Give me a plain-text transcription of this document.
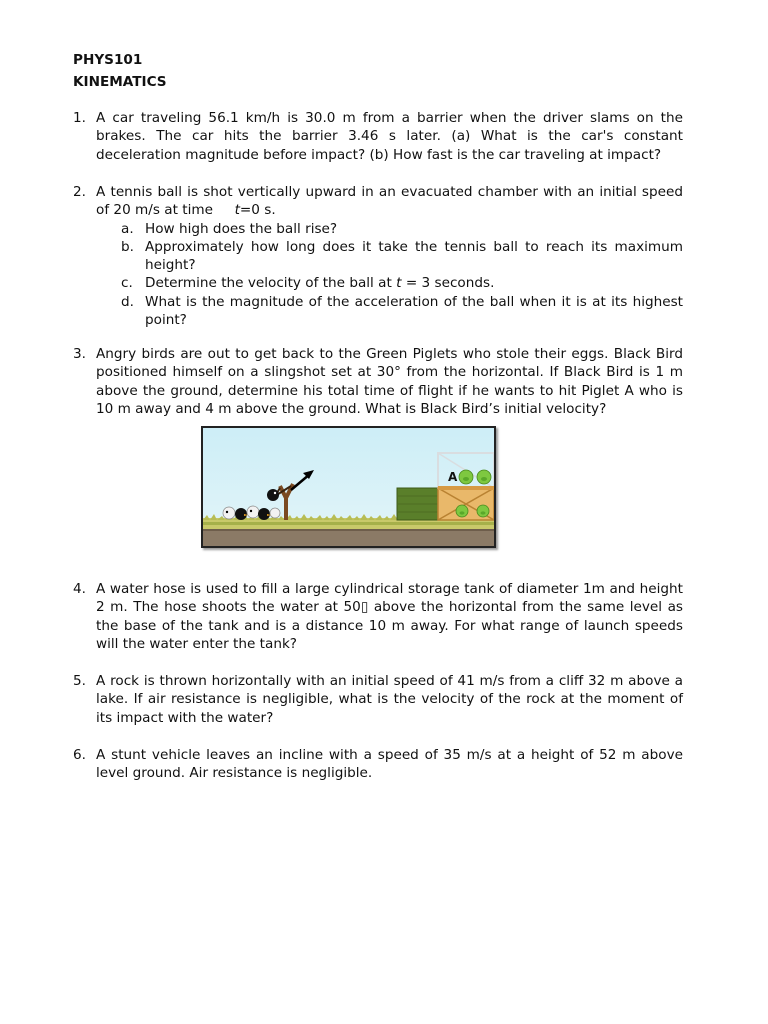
PHYS101
KINEMATICS
1. A car traveling 56.1 km/h is 30.0 m from a barrier when the driver slams on the brakes. The car hits the barrier 3.46 s later. (a) What is the car's constant deceleration magnitude before impact? (b) How fast is the car traveling at impact?
2. A tennis ball is shot vertically upward in an evacuated chamber with an initial speed of 20 m/s at time t=0 s.
a. How high does the ball rise?
b. Approximately how long does it take the tennis ball to reach its maximum height?
c. Determine the velocity of the ball at t = 3 seconds.
d. What is the magnitude of the acceleration of the ball when it is at its highest point?
3. Angry birds are out to get back to the Green Piglets who stole their eggs. Black Bird positioned himself on a slingshot set at 30° from the horizontal. If Black Bird is 1 m above the ground, determine his total time of flight if he wants to hit Piglet A who is 10 m away and 4 m above the ground. What is Black Bird’s initial velocity?
A
4. A water hose is used to fill a large cylindrical storage tank of diameter 1m and height 2 m. The hose shoots the water at 50▯ above the horizontal from the same level as the base of the tank and is a distance 10 m away. For what range of launch speeds will the water enter the tank?
5. A rock is thrown horizontally with an initial speed of 41 m/s from a cliff 32 m above a lake. If air resistance is negligible, what is the velocity of the rock at the moment of its impact with the water?
6. A stunt vehicle leaves an incline with a speed of 35 m/s at a height of 52 m above level ground. Air resistance is negligible.
